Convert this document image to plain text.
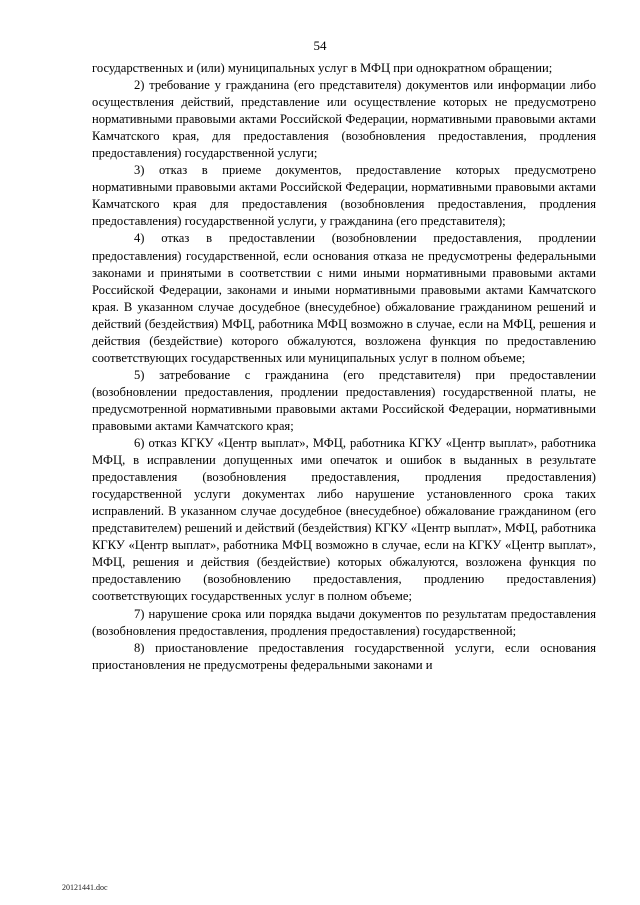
54

государственных и (или) муниципальных услуг в МФЦ при однократном обращении;

2) требование у гражданина (его представителя) документов или информации либо осуществления действий, представление или осуществление которых не предусмотрено нормативными правовыми актами Российской Федерации, нормативными правовыми актами Камчатского края, для предоставления (возобновления предоставления, продления предоставления) государственной услуги;

3) отказ в приеме документов, предоставление которых предусмотрено нормативными правовыми актами Российской Федерации, нормативными правовыми актами Камчатского края для предоставления (возобновления предоставления, продления предоставления) государственной услуги, у гражданина (его представителя);

4) отказ в предоставлении (возобновлении предоставления, продлении предоставления) государственной, если основания отказа не предусмотрены федеральными законами и принятыми в соответствии с ними иными нормативными правовыми актами Российской Федерации, законами и иными нормативными правовыми актами Камчатского края. В указанном случае досудебное (внесудебное) обжалование гражданином решений и действий (бездействия) МФЦ, работника МФЦ возможно в случае, если на МФЦ, решения и действия (бездействие) которого обжалуются, возложена функция по предоставлению соответствующих государственных или муниципальных услуг в полном объеме;

5) затребование с гражданина (его представителя) при предоставлении (возобновлении предоставления, продлении предоставления) государственной платы, не предусмотренной нормативными правовыми актами Российской Федерации, нормативными правовыми актами Камчатского края;

6) отказ КГКУ «Центр выплат», МФЦ, работника КГКУ «Центр выплат», работника МФЦ, в исправлении допущенных ими опечаток и ошибок в выданных в результате предоставления (возобновления предоставления, продления предоставления) государственной услуги документах либо нарушение установленного срока таких исправлений. В указанном случае досудебное (внесудебное) обжалование гражданином (его представителем) решений и действий (бездействия) КГКУ «Центр выплат», МФЦ, работника КГКУ «Центр выплат», работника МФЦ возможно в случае, если на КГКУ «Центр выплат», МФЦ, решения и действия (бездействие) которых обжалуются, возложена функция по предоставлению (возобновлению предоставления, продлению предоставления) соответствующих государственных услуг в полном объеме;

7) нарушение срока или порядка выдачи документов по результатам предоставления (возобновления предоставления, продления предоставления) государственной;

8) приостановление предоставления государственной услуги, если основания приостановления не предусмотрены федеральными законами и

20121441.doc
